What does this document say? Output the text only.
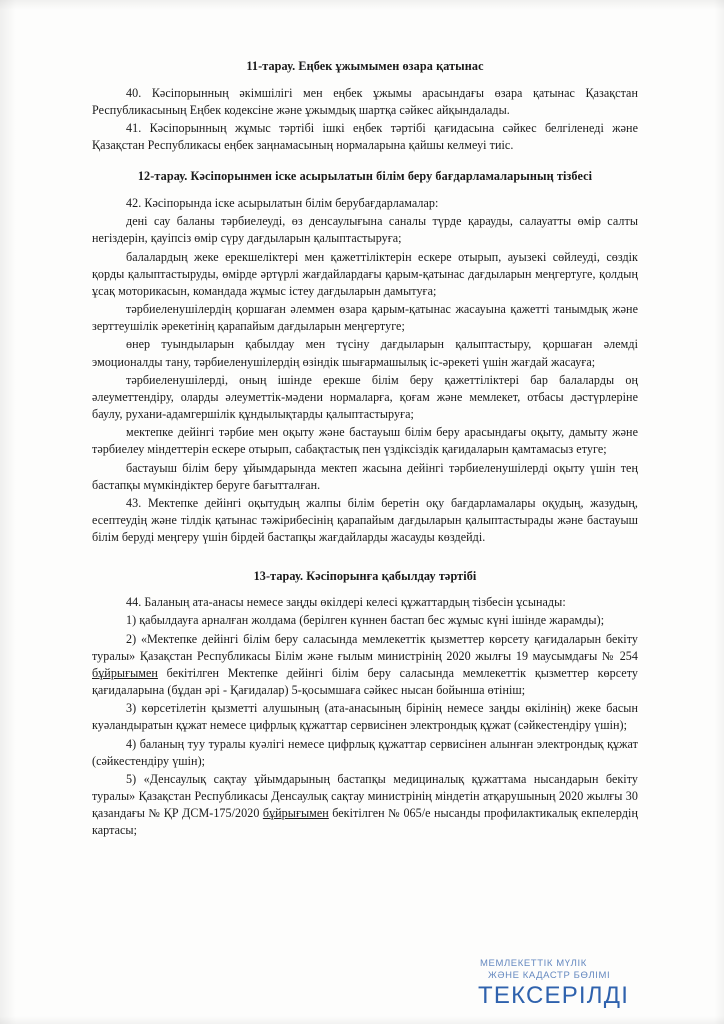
11-тарау. Еңбек ұжымымен өзара қатынас

40. Кәсіпорынның әкімшілігі мен еңбек ұжымы арасындағы өзара қатынас Қазақстан Республикасының Еңбек кодексіне және ұжымдық шартқа сәйкес айқындалады.

41. Кәсіпорынның жұмыс тәртібі ішкі еңбек тәртібі қағидасына сәйкес белгіленеді және Қазақстан Республикасы еңбек заңнамасының нормаларына қайшы келмеуі тиіс.

12-тарау. Кәсіпорынмен іске асырылатын білім беру бағдарламаларының тізбесі

42. Кәсіпорында іске асырылатын білім берубағдарламалар:

дені сау баланы тәрбиелеуді, өз денсаулығына саналы түрде қарауды, салауатты өмір салты негіздерін, қауіпсіз өмір сүру дағдыларын қалыптастыруға;

балалардың жеке ерекшеліктері мен қажеттіліктерін ескере отырып, ауызекі сөйлеуді, сөздік қорды қалыптастыруды, өмірде әртүрлі жағдайлардағы қарым-қатынас дағдыларын меңгертуге, қолдың ұсақ моторикасын, командада жұмыс істеу дағдыларын дамытуға;

тәрбиеленушілердің қоршаған әлеммен өзара қарым-қатынас жасауына қажетті танымдық және зерттеушілік әрекетінің қарапайым дағдыларын меңгертуге;

өнер туындыларын қабылдау мен түсіну дағдыларын қалыптастыру, қоршаған әлемді эмоционалды тану, тәрбиеленушілердің өзіндік шығармашылық іс-әрекеті үшін жағдай жасауға;

тәрбиеленушілерді, оның ішінде ерекше білім беру қажеттіліктері бар балаларды оң әлеуметтендіру, оларды әлеуметтік-мәдени нормаларға, қоғам және мемлекет, отбасы дәстүрлеріне баулу, рухани-адамгершілік құндылықтарды қалыптастыруға;

мектепке дейінгі тәрбие мен оқыту және бастауыш білім беру арасындағы оқыту, дамыту және тәрбиелеу міндеттерін ескере отырып, сабақтастық пен үздіксіздік қағидаларын қамтамасыз етуге;

бастауыш білім беру ұйымдарында мектеп жасына дейінгі тәрбиеленушілерді оқыту үшін тең бастапқы мүмкіндіктер беруге бағытталған.

43. Мектепке дейінгі оқытудың жалпы білім беретін оқу бағдарламалары оқудың, жазудың, есептеудің және тілдік қатынас тәжірибесінің қарапайым дағдыларын қалыптастырады және бастауыш білім беруді меңгеру үшін бірдей бастапқы жағдайларды жасауды көздейді.

13-тарау. Кәсіпорынға қабылдау тәртібі

44. Баланың ата-анасы немесе заңды өкілдері келесі құжаттардың тізбесін ұсынады:

1) қабылдауға арналған жолдама (берілген күннен бастап бес жұмыс күні ішінде жарамды);

2) «Мектепке дейінгі білім беру саласында мемлекеттік қызметтер көрсету қағидаларын бекіту туралы» Қазақстан Республикасы Білім және ғылым министрінің 2020 жылғы 19 маусымдағы № 254 бұйрығымен бекітілген Мектепке дейінгі білім беру саласында мемлекеттік қызметтер көрсету қағидаларына (бұдан әрі - Қағидалар) 5-қосымшаға сәйкес нысан бойынша өтініш;

3) көрсетілетін қызметті алушының (ата-анасының бірінің немесе заңды өкілінің) жеке басын куәландыратын құжат немесе цифрлық құжаттар сервисінен электрондық құжат (сәйкестендіру үшін);

4) баланың туу туралы куәлігі немесе цифрлық құжаттар сервисінен алынған электрондық құжат (сәйкестендіру үшін);

5) «Денсаулық сақтау ұйымдарының бастапқы медициналық құжаттама нысандарын бекіту туралы» Қазақстан Республикасы Денсаулық сақтау министрінің міндетін атқарушының 2020 жылғы 30 қазандағы № ҚР ДСМ-175/2020 бұйрығымен бекітілген № 065/е нысанды профилактикалық екпелердің картасы;

МЕМЛЕКЕТТІК МҮЛІК
ЖӘНЕ КАДАСТР БӨЛІМІ
ТЕКСЕРІЛДІ
